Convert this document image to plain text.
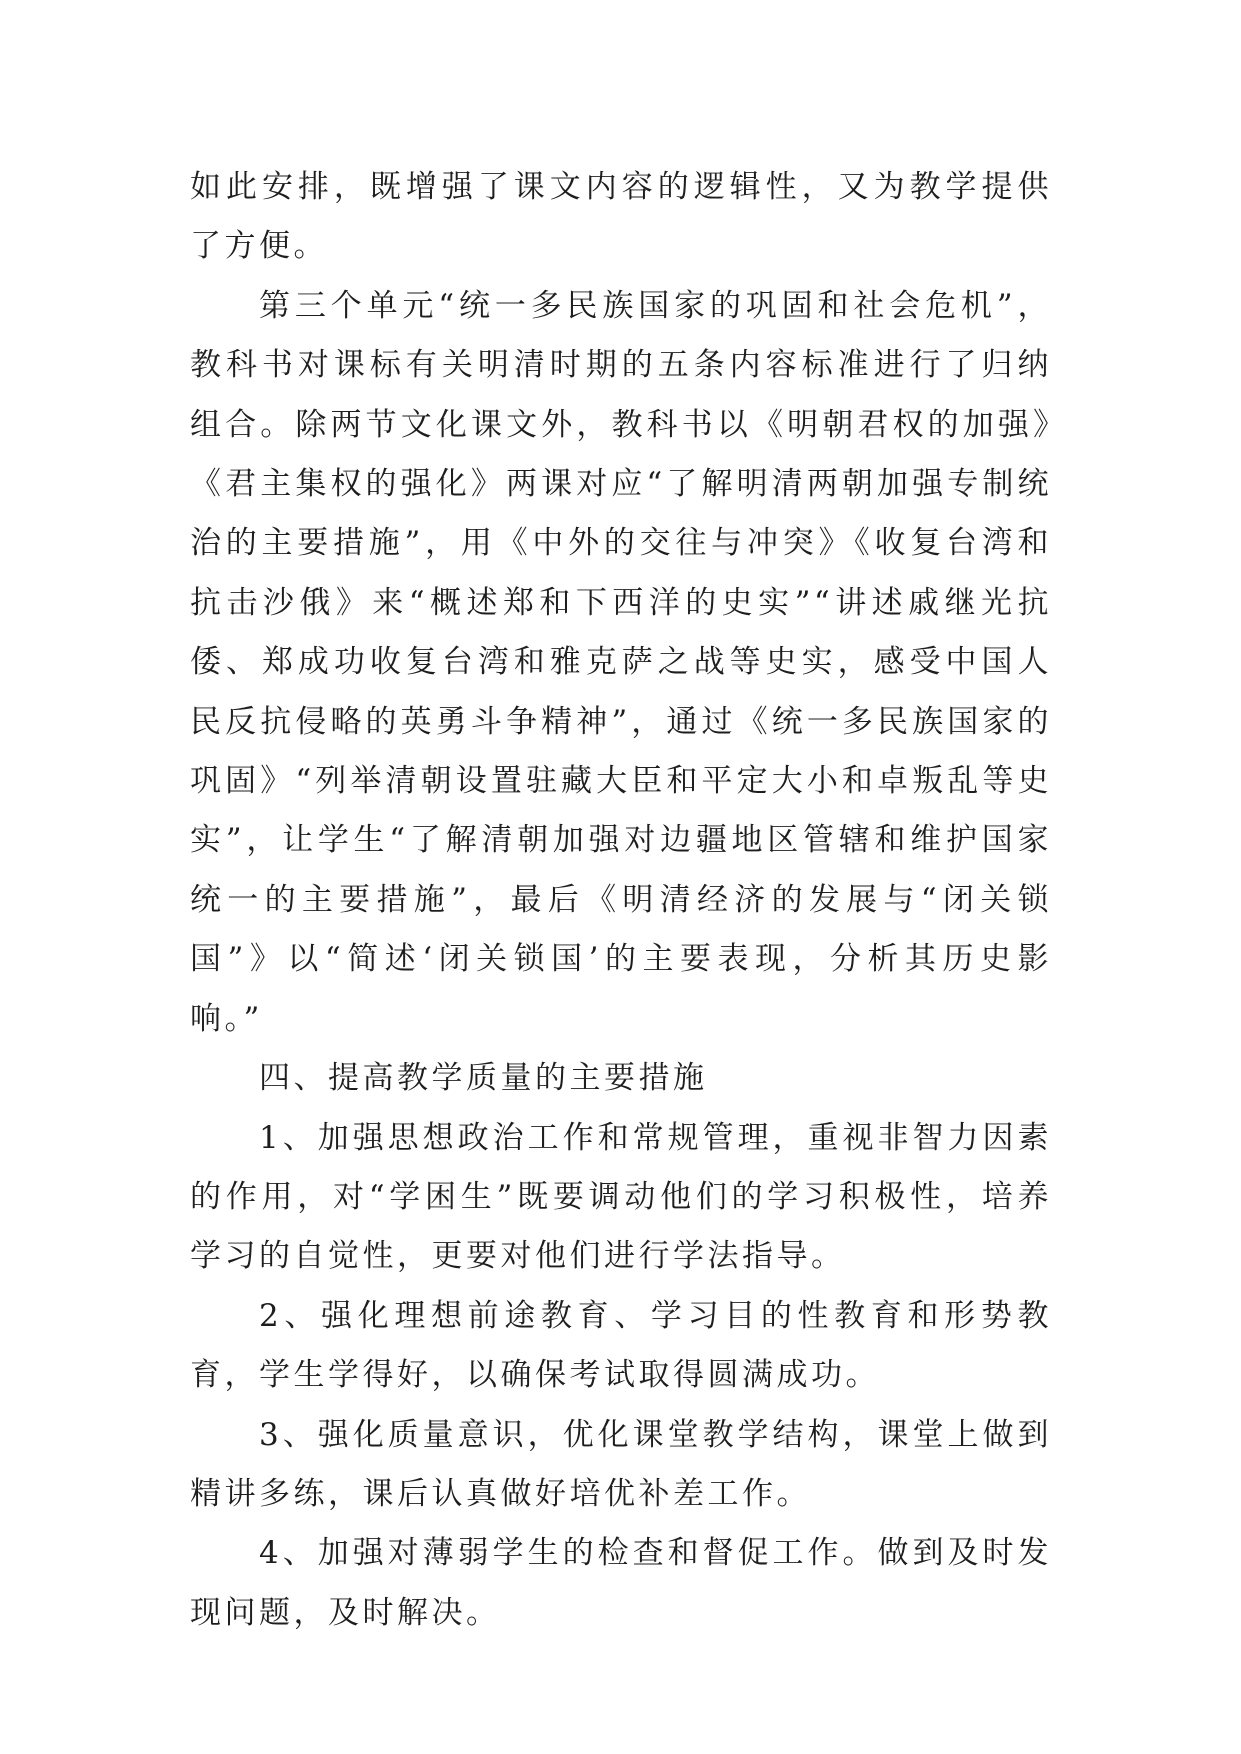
如此安排，既增强了课文内容的逻辑性，又为教学提供了方便。

第三个单元“统一多民族国家的巩固和社会危机”，教科书对课标有关明清时期的五条内容标准进行了归纳组合。除两节文化课文外，教科书以《明朝君权的加强》《君主集权的强化》两课对应“了解明清两朝加强专制统治的主要措施”，用《中外的交往与冲突》《收复台湾和抗击沙俄》来“概述郑和下西洋的史实”“讲述戚继光抗倭、郑成功收复台湾和雅克萨之战等史实，感受中国人民反抗侵略的英勇斗争精神”，通过《统一多民族国家的巩固》“列举清朝设置驻藏大臣和平定大小和卓叛乱等史实”，让学生“了解清朝加强对边疆地区管辖和维护国家统一的主要措施”，最后《明清经济的发展与“闭关锁国”》以“简述‘闭关锁国’的主要表现，分析其历史影响。”

四、提高教学质量的主要措施

1、加强思想政治工作和常规管理，重视非智力因素的作用，对“学困生”既要调动他们的学习积极性，培养学习的自觉性，更要对他们进行学法指导。

2、强化理想前途教育、学习目的性教育和形势教育，学生学得好，以确保考试取得圆满成功。

3、强化质量意识，优化课堂教学结构，课堂上做到精讲多练，课后认真做好培优补差工作。

4、加强对薄弱学生的检查和督促工作。做到及时发现问题，及时解决。
